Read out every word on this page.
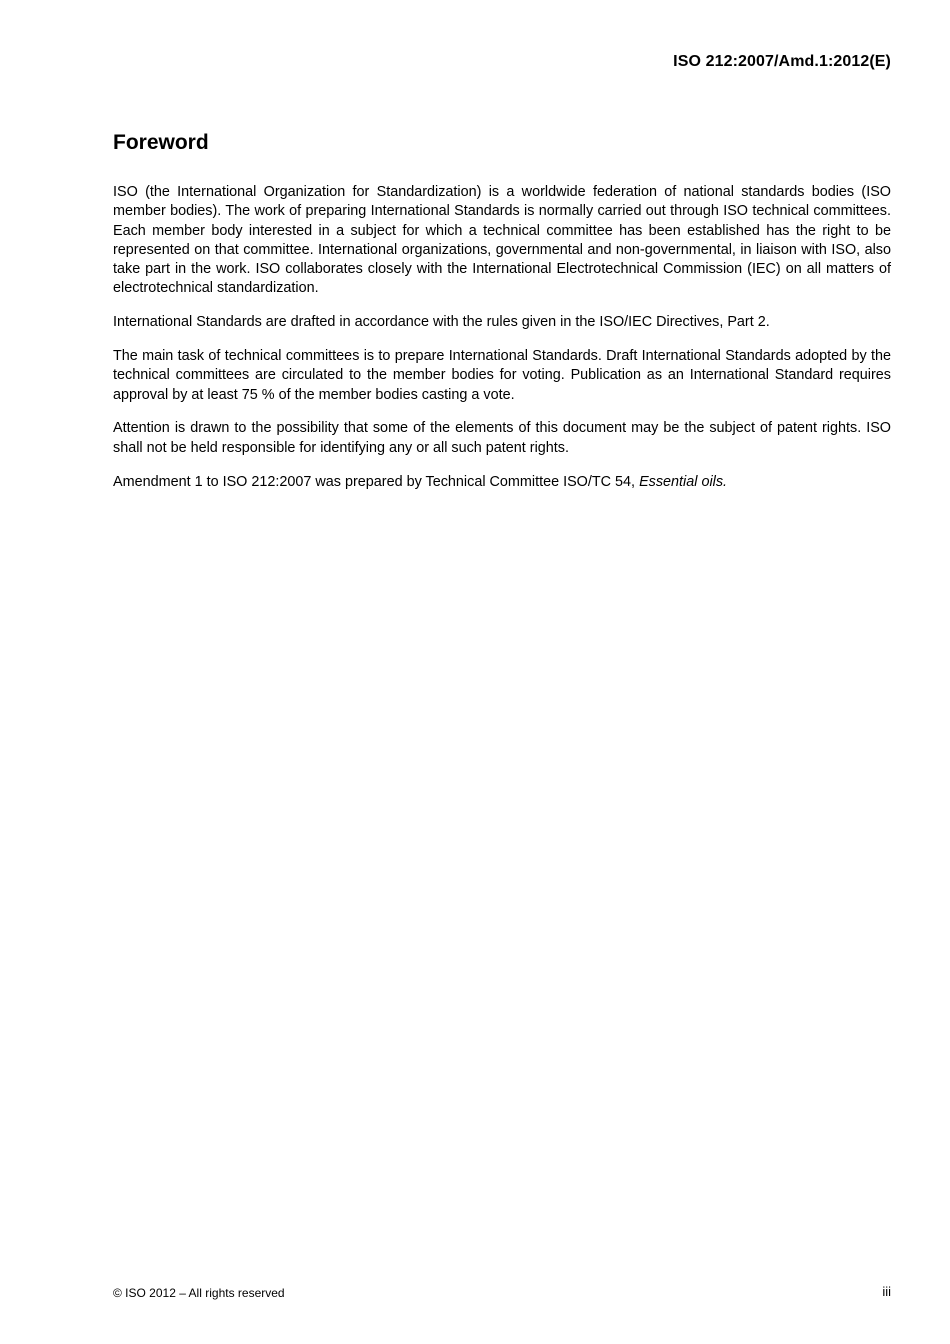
ISO 212:2007/Amd.1:2012(E)
Foreword

ISO (the International Organization for Standardization) is a worldwide federation of national standards bodies (ISO member bodies). The work of preparing International Standards is normally carried out through ISO technical committees. Each member body interested in a subject for which a technical committee has been established has the right to be represented on that committee. International organizations, governmental and non-governmental, in liaison with ISO, also take part in the work. ISO collaborates closely with the International Electrotechnical Commission (IEC) on all matters of electrotechnical standardization.

International Standards are drafted in accordance with the rules given in the ISO/IEC Directives, Part 2.

The main task of technical committees is to prepare International Standards. Draft International Standards adopted by the technical committees are circulated to the member bodies for voting. Publication as an International Standard requires approval by at least 75 % of the member bodies casting a vote.

Attention is drawn to the possibility that some of the elements of this document may be the subject of patent rights. ISO shall not be held responsible for identifying any or all such patent rights.

Amendment 1 to ISO 212:2007 was prepared by Technical Committee ISO/TC 54, Essential oils.

© ISO 2012 – All rights reserved	iii
